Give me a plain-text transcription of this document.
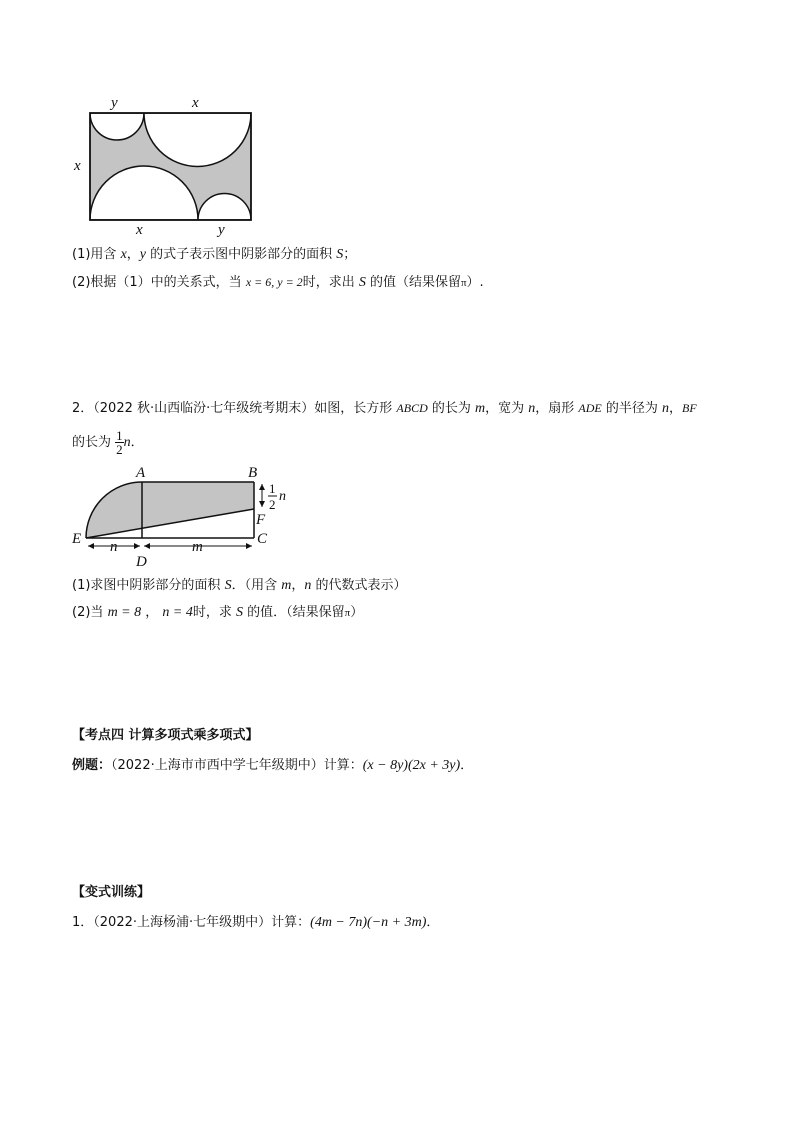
y	x
x
x	y
(1)用含 x，y 的式子表示图中阴影部分的面积 S；
(2)根据（1）中的关系式，当 x = 6, y = 2时，求出 S 的值（结果保留π）.
2．（2022 秋·山西临汾·七年级统考期末）如图，长方形 ABCD 的长为 m，宽为 n，扇形 ADE 的半径为 n，BF
的长为 $\frac{1}{2}$ n．
A	B
C
D
E
F
n	m
1
2
n
(1)求图中阴影部分的面积 S．（用含 m，n 的代数式表示）
(2)当 m = 8 ， n = 4时，求 S 的值．（结果保留π）
【考点四 计算多项式乘多项式】
例题：（2022·上海市市西中学七年级期中）计算：(x − 8y)(2x + 3y)．
【变式训练】
1．（2022·上海杨浦·七年级期中）计算：(4m − 7n)(−n + 3m)．
